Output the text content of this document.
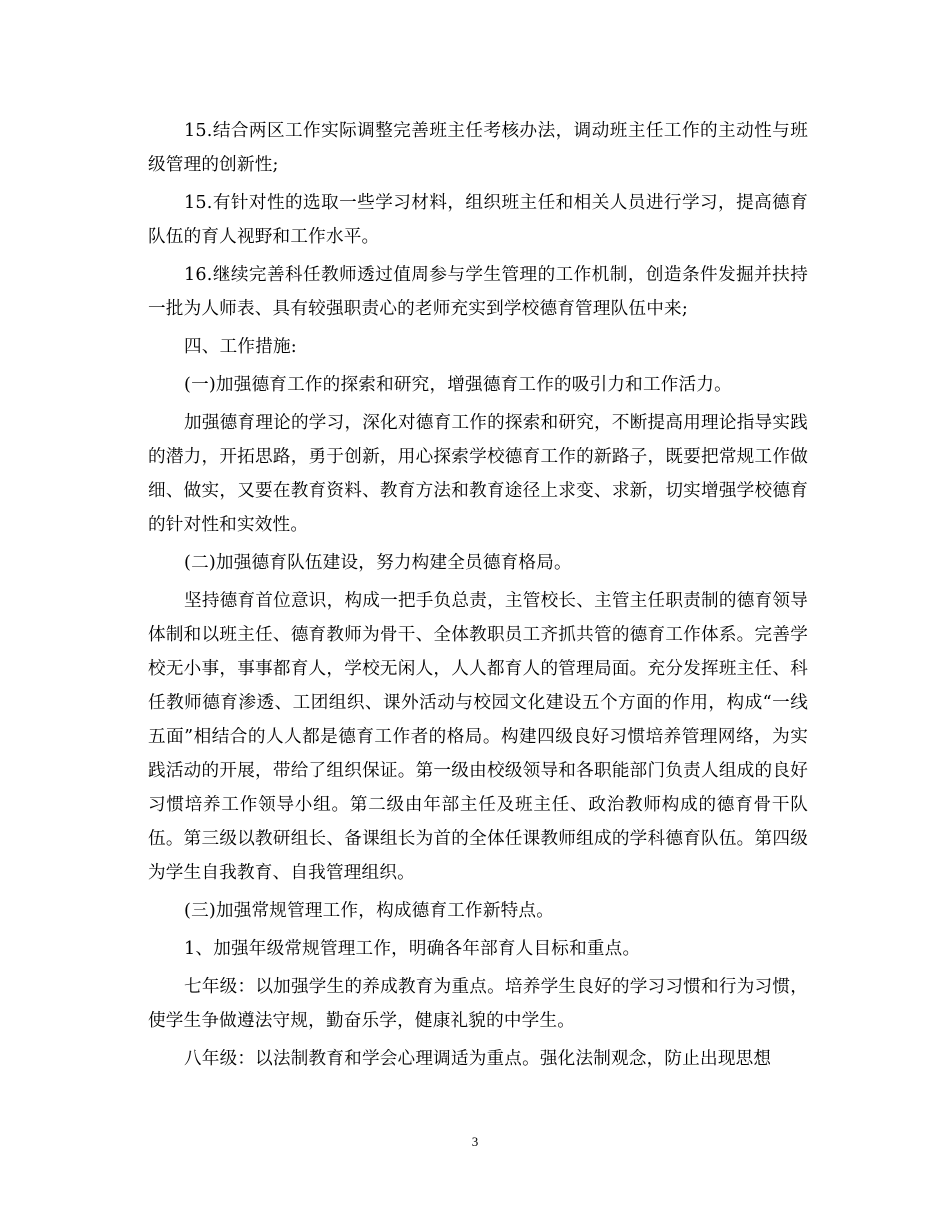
15.结合两区工作实际调整完善班主任考核办法，调动班主任工作的主动性与班级管理的创新性;

15.有针对性的选取一些学习材料，组织班主任和相关人员进行学习，提高德育队伍的育人视野和工作水平。

16.继续完善科任教师透过值周参与学生管理的工作机制，创造条件发掘并扶持一批为人师表、具有较强职责心的老师充实到学校德育管理队伍中来;

四、工作措施:

(一)加强德育工作的探索和研究，增强德育工作的吸引力和工作活力。

加强德育理论的学习，深化对德育工作的探索和研究，不断提高用理论指导实践的潜力，开拓思路，勇于创新，用心探索学校德育工作的新路子，既要把常规工作做细、做实，又要在教育资料、教育方法和教育途径上求变、求新，切实增强学校德育的针对性和实效性。

(二)加强德育队伍建设，努力构建全员德育格局。

坚持德育首位意识，构成一把手负总责，主管校长、主管主任职责制的德育领导体制和以班主任、德育教师为骨干、全体教职员工齐抓共管的德育工作体系。完善学校无小事，事事都育人，学校无闲人，人人都育人的管理局面。充分发挥班主任、科任教师德育渗透、工团组织、课外活动与校园文化建设五个方面的作用，构成“一线五面”相结合的人人都是德育工作者的格局。构建四级良好习惯培养管理网络，为实践活动的开展，带给了组织保证。第一级由校级领导和各职能部门负责人组成的良好习惯培养工作领导小组。第二级由年部主任及班主任、政治教师构成的德育骨干队伍。第三级以教研组长、备课组长为首的全体任课教师组成的学科德育队伍。第四级为学生自我教育、自我管理组织。

(三)加强常规管理工作，构成德育工作新特点。

1、加强年级常规管理工作，明确各年部育人目标和重点。

七年级：以加强学生的养成教育为重点。培养学生良好的学习习惯和行为习惯，使学生争做遵法守规，勤奋乐学，健康礼貌的中学生。

八年级：以法制教育和学会心理调适为重点。强化法制观念，防止出现思想

3
